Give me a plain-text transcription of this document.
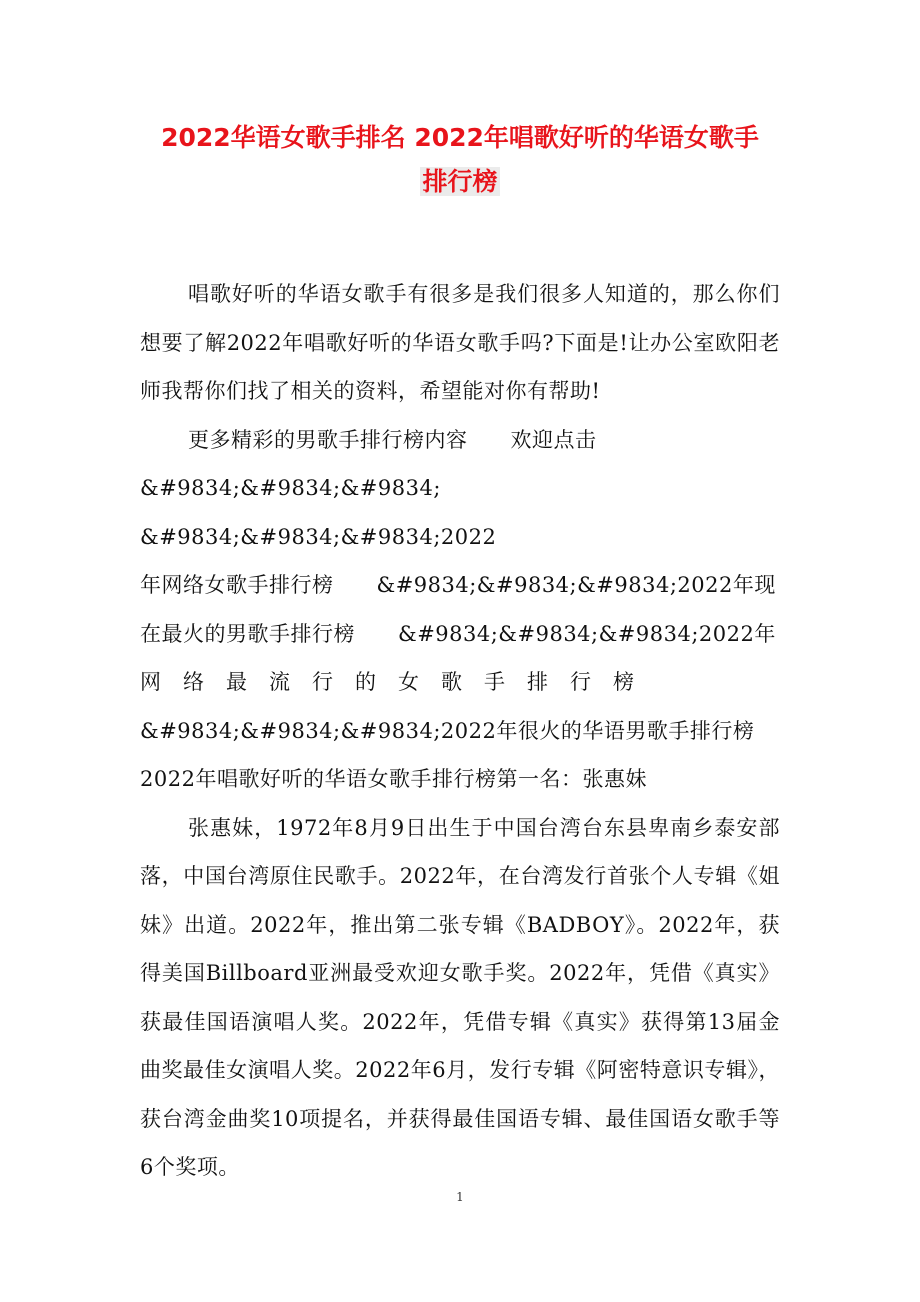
2022华语女歌手排名 2022年唱歌好听的华语女歌手
排行榜

唱歌好听的华语女歌手有很多是我们很多人知道的，那么你们想要了解2022年唱歌好听的华语女歌手吗?下面是!让办公室欧阳老师我帮你们找了相关的资料，希望能对你有帮助!

更多精彩的男歌手排行榜内容　　欢迎点击

&#9834;&#9834;&#9834;　　　&#9834;&#9834;&#9834;2022

年网络女歌手排行榜　　&#9834;&#9834;&#9834;2022年现

在最火的男歌手排行榜　　&#9834;&#9834;&#9834;2022年

网　络　最　流　行　的　女　歌　手　排　行　榜

&#9834;&#9834;&#9834;2022年很火的华语男歌手排行榜

2022年唱歌好听的华语女歌手排行榜第一名：张惠妹

张惠妹，1972年8月9日出生于中国台湾台东县卑南乡泰安部落，中国台湾原住民歌手。2022年，在台湾发行首张个人专辑《姐妹》出道。2022年，推出第二张专辑《BADBOY》。2022年，获得美国Billboard亚洲最受欢迎女歌手奖。2022年，凭借《真实》获最佳国语演唱人奖。2022年，凭借专辑《真实》获得第13届金曲奖最佳女演唱人奖。2022年6月，发行专辑《阿密特意识专辑》，获台湾金曲奖10项提名，并获得最佳国语专辑、最佳国语女歌手等6个奖项。

1
